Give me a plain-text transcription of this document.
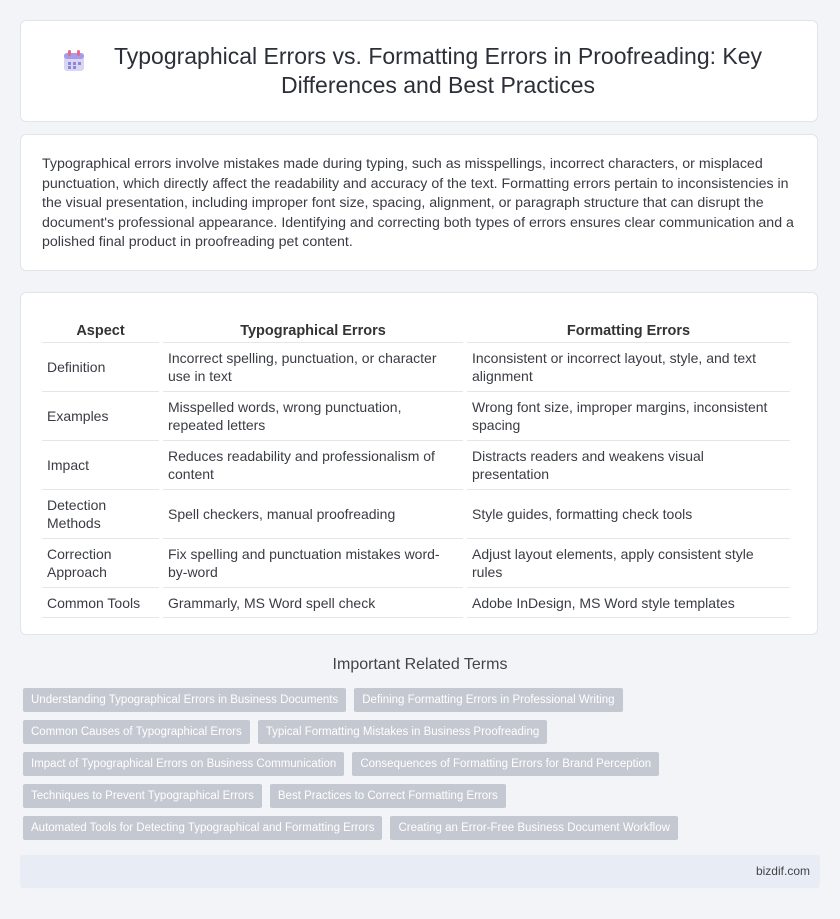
Typographical Errors vs. Formatting Errors in Proofreading: Key Differences and Best Practices

Typographical errors involve mistakes made during typing, such as misspellings, incorrect characters, or misplaced punctuation, which directly affect the readability and accuracy of the text. Formatting errors pertain to inconsistencies in the visual presentation, including improper font size, spacing, alignment, or paragraph structure that can disrupt the document's professional appearance. Identifying and correcting both types of errors ensures clear communication and a polished final product in proofreading pet content.

Aspect	Typographical Errors	Formatting Errors
Definition	Incorrect spelling, punctuation, or character use in text	Inconsistent or incorrect layout, style, and text alignment
Examples	Misspelled words, wrong punctuation, repeated letters	Wrong font size, improper margins, inconsistent spacing
Impact	Reduces readability and professionalism of content	Distracts readers and weakens visual presentation
Detection Methods	Spell checkers, manual proofreading	Style guides, formatting check tools
Correction Approach	Fix spelling and punctuation mistakes word-by-word	Adjust layout elements, apply consistent style rules
Common Tools	Grammarly, MS Word spell check	Adobe InDesign, MS Word style templates
Important Related Terms
Understanding Typographical Errors in Business Documents	Defining Formatting Errors in Professional Writing
Common Causes of Typographical Errors	Typical Formatting Mistakes in Business Proofreading
Impact of Typographical Errors on Business Communication	Consequences of Formatting Errors for Brand Perception
Techniques to Prevent Typographical Errors	Best Practices to Correct Formatting Errors
Automated Tools for Detecting Typographical and Formatting Errors	Creating an Error-Free Business Document Workflow
bizdif.com
